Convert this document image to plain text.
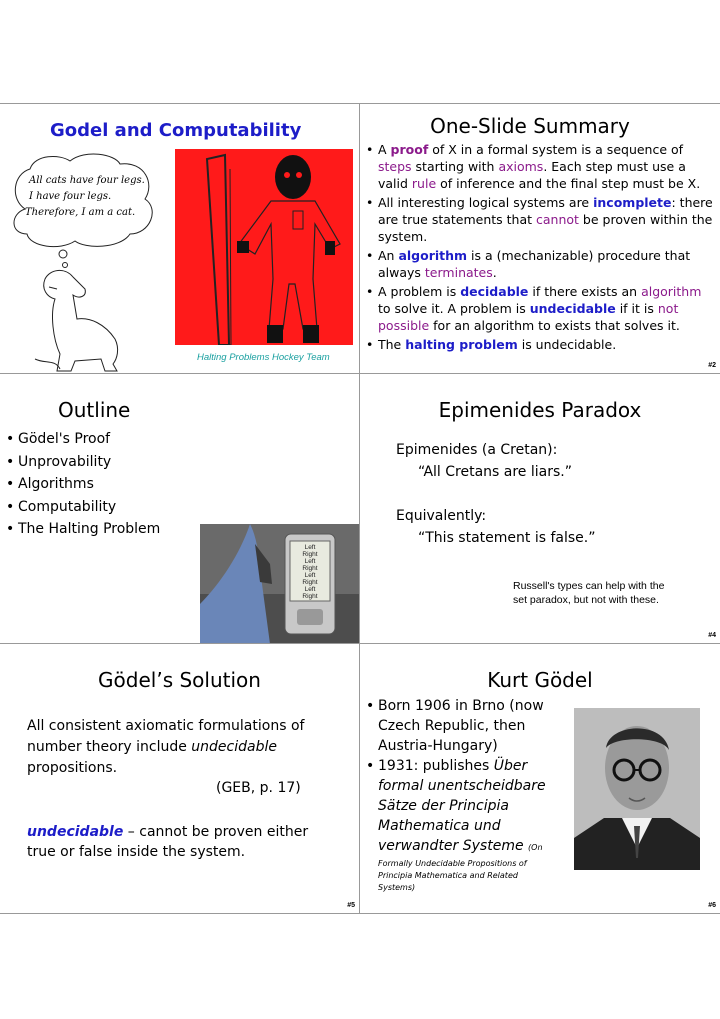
Godel and Computability
All cats have four legs.
I have four legs.
Therefore, I am a cat.
Halting Problems Hockey Team
One-Slide Summary
• A proof of X in a formal system is a sequence of steps starting with axioms. Each step must use a valid rule of inference and the final step must be X.
• All interesting logical systems are incomplete: there are true statements that cannot be proven within the system.
• An algorithm is a (mechanizable) procedure that always terminates.
• A problem is decidable if there exists an algorithm to solve it. A problem is undecidable if it is not possible for an algorithm to exists that solves it.
• The halting problem is undecidable.
#2
Outline
• Gödel's Proof
• Unprovability
• Algorithms
• Computability
• The Halting Problem
Left
Right
Left
Right
Left
Right
Left
Right
Epimenides Paradox
Epimenides (a Cretan):
“All Cretans are liars.”
Equivalently:
“This statement is false.”
Russell's types can help with the
set paradox, but not with these.
#4
Gödel’s Solution
All consistent axiomatic formulations of
number theory include undecidable
propositions.
(GEB, p. 17)
undecidable – cannot be proven either
true or false inside the system.
#5
Kurt Gödel
• Born 1906 in Brno (now
Czech Republic, then
Austria-Hungary)
• 1931: publishes Über
formal unentscheidbare
Sätze der Principia
Mathematica und
verwandter Systeme (On
Formally Undecidable Propositions of
Principia Mathematica and Related
Systems)
#6
